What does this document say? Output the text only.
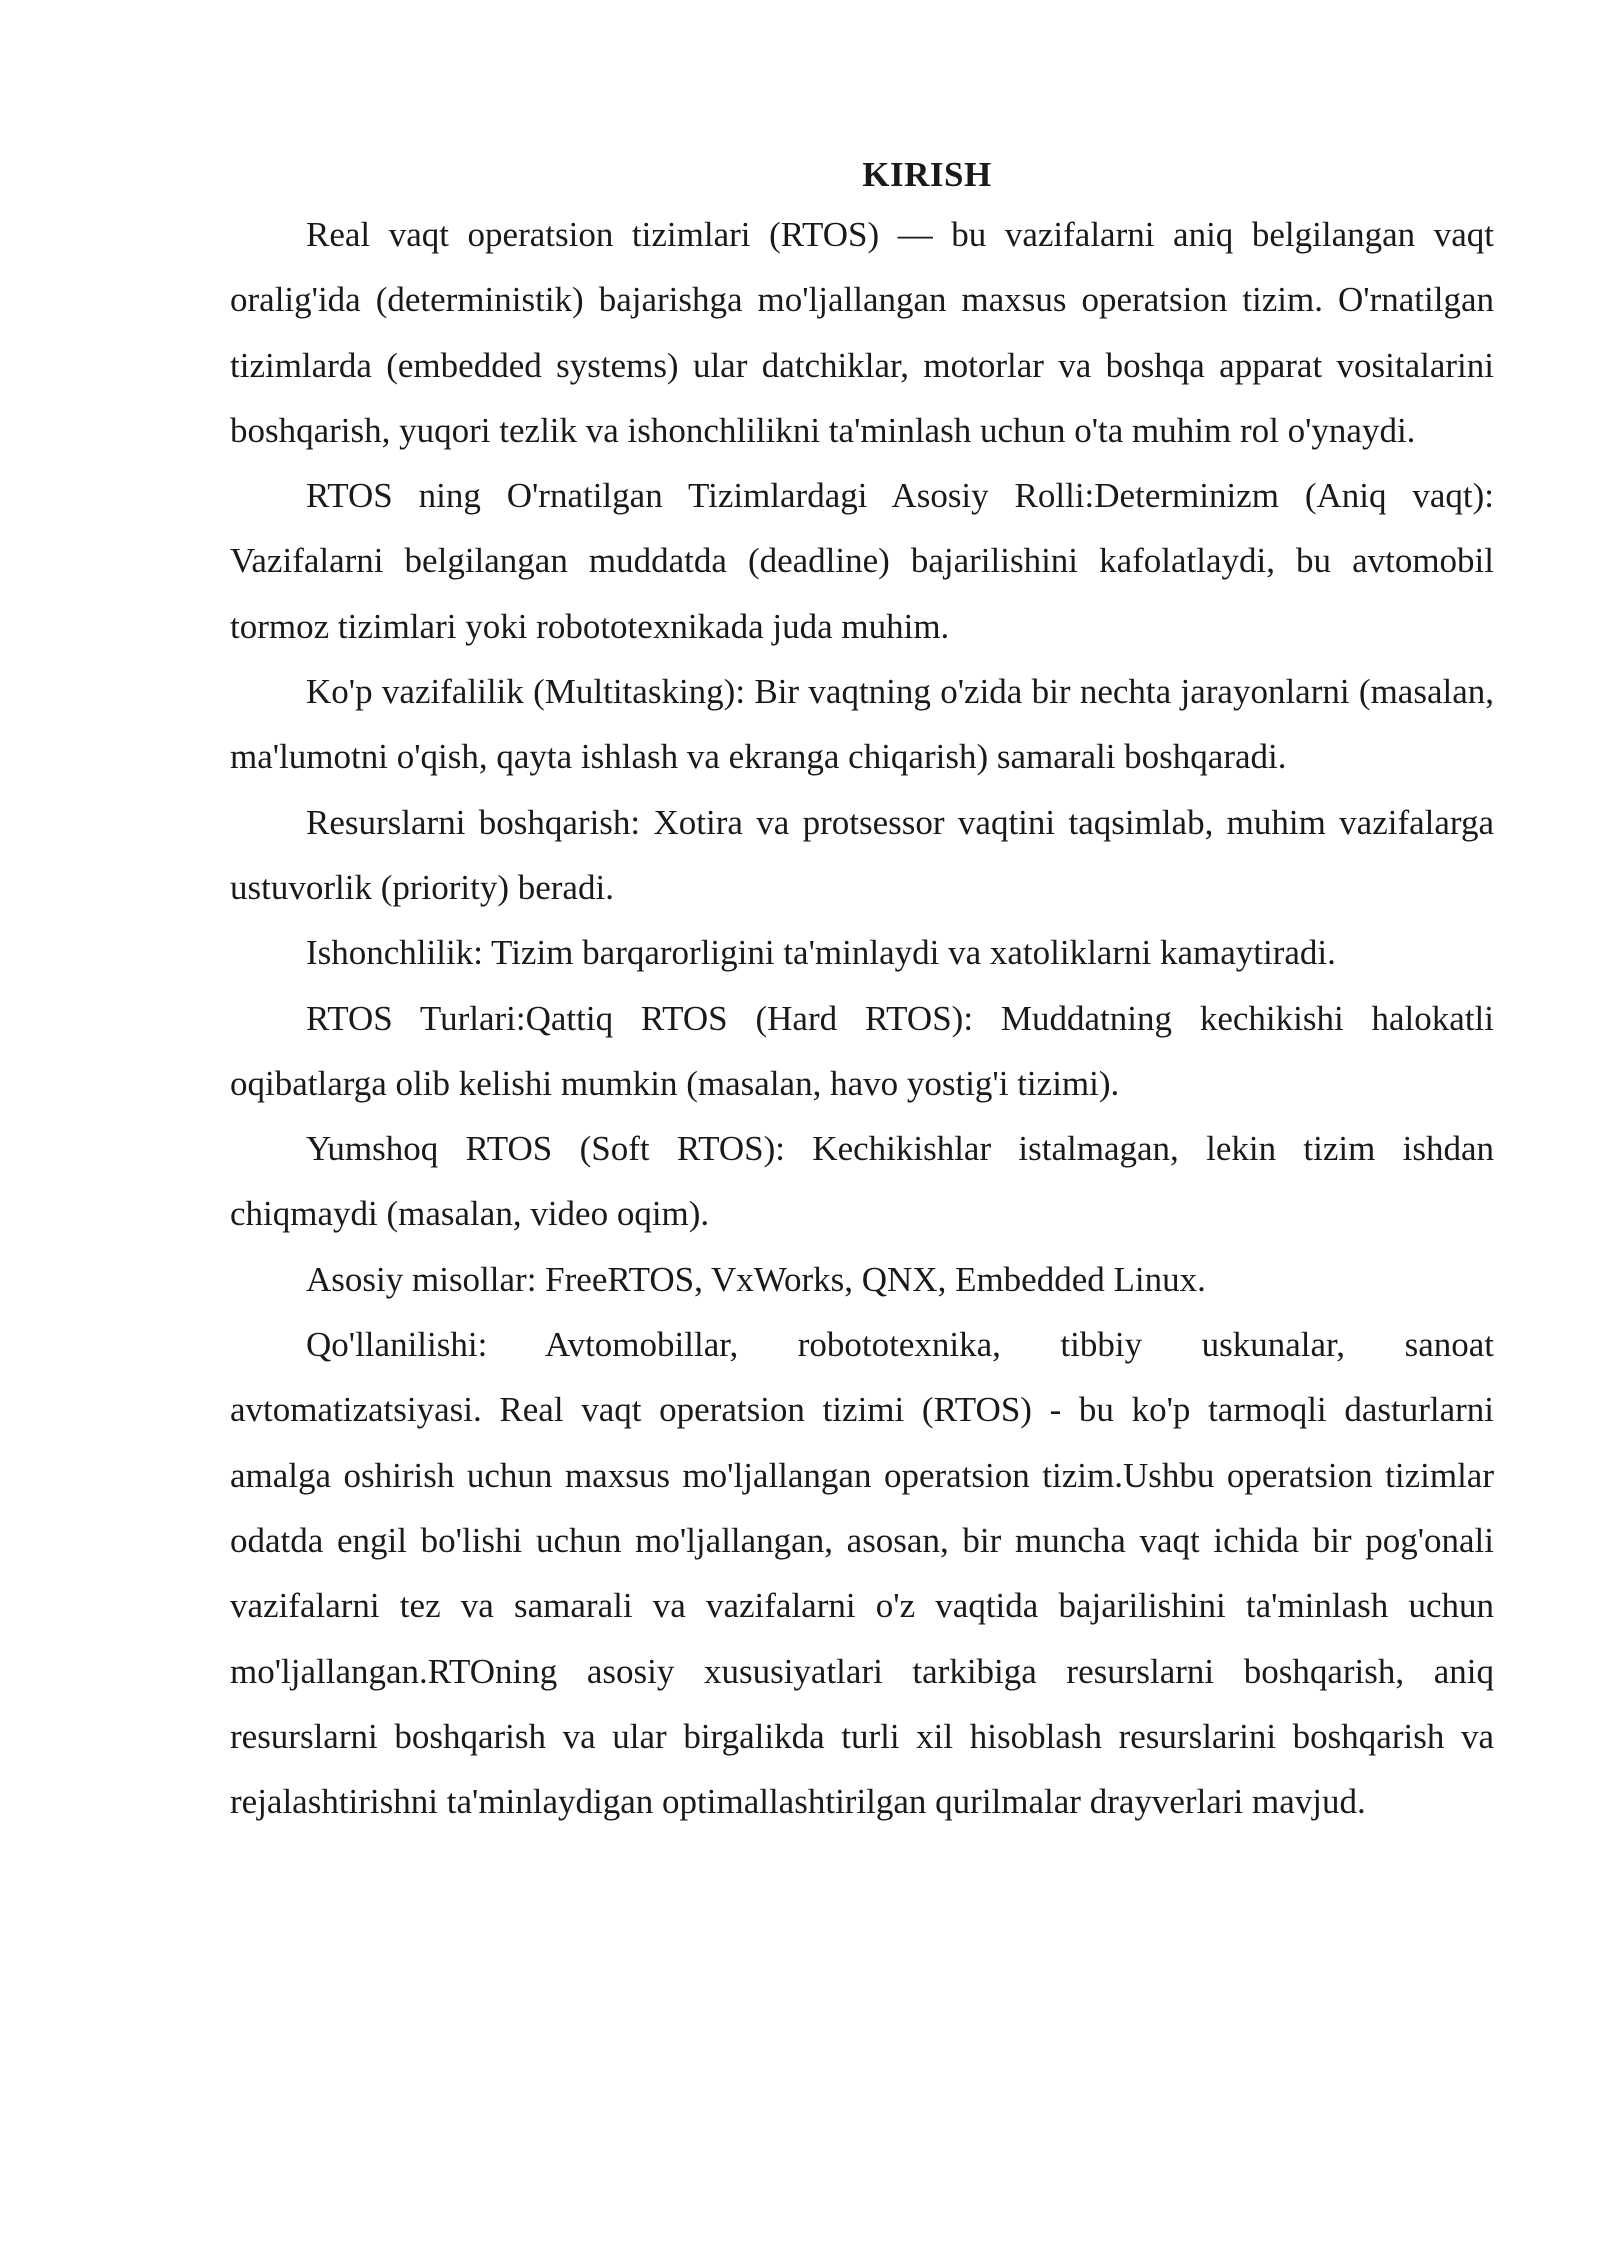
KIRISH

Real vaqt operatsion tizimlari (RTOS) — bu vazifalarni aniq belgilangan vaqt oralig'ida (deterministik) bajarishga mo'ljallangan maxsus operatsion tizim. O'rnatilgan tizimlarda (embedded systems) ular datchiklar, motorlar va boshqa apparat vositalarini boshqarish, yuqori tezlik va ishonchlilikni ta'minlash uchun o'ta muhim rol o'ynaydi.

RTOS ning O'rnatilgan Tizimlardagi Asosiy Rolli:Determinizm (Aniq vaqt): Vazifalarni belgilangan muddatda (deadline) bajarilishini kafolatlaydi, bu avtomobil tormoz tizimlari yoki robototexnikada juda muhim.

Ko'p vazifalilik (Multitasking): Bir vaqtning o'zida bir nechta jarayonlarni (masalan, ma'lumotni o'qish, qayta ishlash va ekranga chiqarish) samarali boshqaradi.

Resurslarni boshqarish: Xotira va protsessor vaqtini taqsimlab, muhim vazifalarga ustuvorlik (priority) beradi.

Ishonchlilik: Tizim barqarorligini ta'minlaydi va xatoliklarni kamaytiradi.

RTOS Turlari:Qattiq RTOS (Hard RTOS): Muddatning kechikishi halokatli oqibatlarga olib kelishi mumkin (masalan, havo yostig'i tizimi).

Yumshoq RTOS (Soft RTOS): Kechikishlar istalmagan, lekin tizim ishdan chiqmaydi (masalan, video oqim).

Asosiy misollar: FreeRTOS, VxWorks, QNX, Embedded Linux.

Qo'llanilishi: Avtomobillar, robototexnika, tibbiy uskunalar, sanoat avtomatizatsiyasi. Real vaqt operatsion tizimi (RTOS) - bu ko'p tarmoqli dasturlarni amalga oshirish uchun maxsus mo'ljallangan operatsion tizim.Ushbu operatsion tizimlar odatda engil bo'lishi uchun mo'ljallangan, asosan, bir muncha vaqt ichida bir pog'onali vazifalarni tez va samarali va vazifalarni o'z vaqtida bajarilishini ta'minlash uchun mo'ljallangan.RTOning asosiy xususiyatlari tarkibiga resurslarni boshqarish, aniq resurslarni boshqarish va ular birgalikda turli xil hisoblash resurslarini boshqarish va rejalashtirishni ta'minlaydigan optimallashtirilgan qurilmalar drayverlari mavjud.
